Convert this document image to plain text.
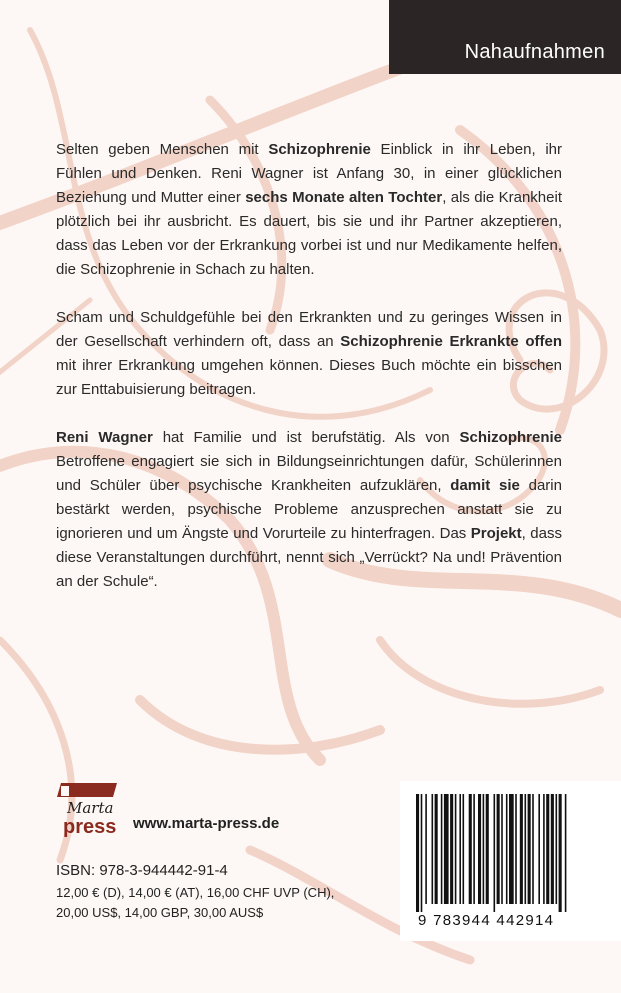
Nahaufnahmen

Selten geben Menschen mit Schizophrenie Einblick in ihr Leben, ihr Fühlen und Denken. Reni Wagner ist Anfang 30, in einer glücklichen Beziehung und Mutter einer sechs Monate alten Tochter, als die Krankheit plötzlich bei ihr ausbricht. Es dauert, bis sie und ihr Partner akzeptieren, dass das Leben vor der Erkrankung vorbei ist und nur Medikamente helfen, die Schizophrenie in Schach zu halten.

Scham und Schuldgefühle bei den Erkrankten und zu geringes Wissen in der Gesellschaft verhindern oft, dass an Schizophrenie Erkrankte offen mit ihrer Erkrankung umgehen können. Dieses Buch möchte ein bisschen zur Enttabuisierung beitragen.

Reni Wagner hat Familie und ist berufstätig. Als von Schizophrenie Betroffene engagiert sie sich in Bildungseinrichtungen dafür, Schülerinnen und Schüler über psychische Krankheiten aufzuklären, damit sie darin bestärkt werden, psychische Probleme anzusprechen anstatt sie zu ignorieren und um Ängste und Vorurteile zu hinterfragen. Das Projekt, dass diese Veranstaltungen durchführt, nennt sich „Verrückt? Na und! Prävention an der Schule“.

Marta
press www.marta-press.de
ISBN: 978-3-944442-91-4
12,00 € (D), 14,00 € (AT), 16,00 CHF UVP (CH),
20,00 US$, 14,00 GBP, 30,00 AUS$	9 783944 442914
